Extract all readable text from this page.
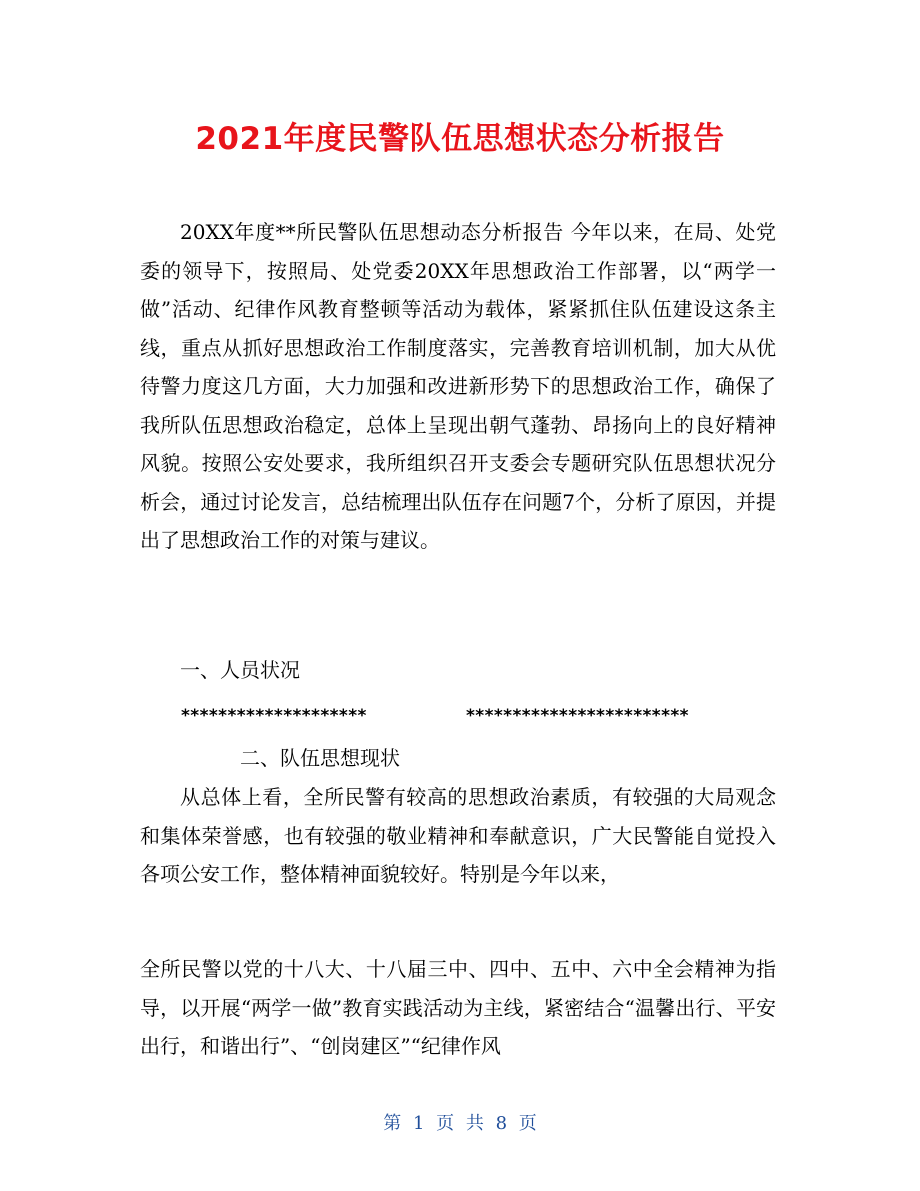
2021年度民警队伍思想状态分析报告

20XX年度**所民警队伍思想动态分析报告 今年以来，在局、处党委的领导下，按照局、处党委20XX年思想政治工作部署，以“两学一做”活动、纪律作风教育整顿等活动为载体，紧紧抓住队伍建设这条主线，重点从抓好思想政治工作制度落实，完善教育培训机制，加大从优待警力度这几方面，大力加强和改进新形势下的思想政治工作，确保了我所队伍思想政治稳定，总体上呈现出朝气蓬勃、昂扬向上的良好精神风貌。按照公安处要求，我所组织召开支委会专题研究队伍思想状况分析会，通过讨论发言，总结梳理出队伍存在问题7个，分析了原因，并提出了思想政治工作的对策与建议。

一、人员状况
********************	************************
二、队伍思想现状

从总体上看，全所民警有较高的思想政治素质，有较强的大局观念和集体荣誉感，也有较强的敬业精神和奉献意识，广大民警能自觉投入各项公安工作，整体精神面貌较好。特别是今年以来，

全所民警以党的十八大、十八届三中、四中、五中、六中全会精神为指导，以开展“两学一做”教育实践活动为主线，紧密结合“温馨出行、平安出行，和谐出行”、“创岗建区”“纪律作风

第 1 页 共 8 页
